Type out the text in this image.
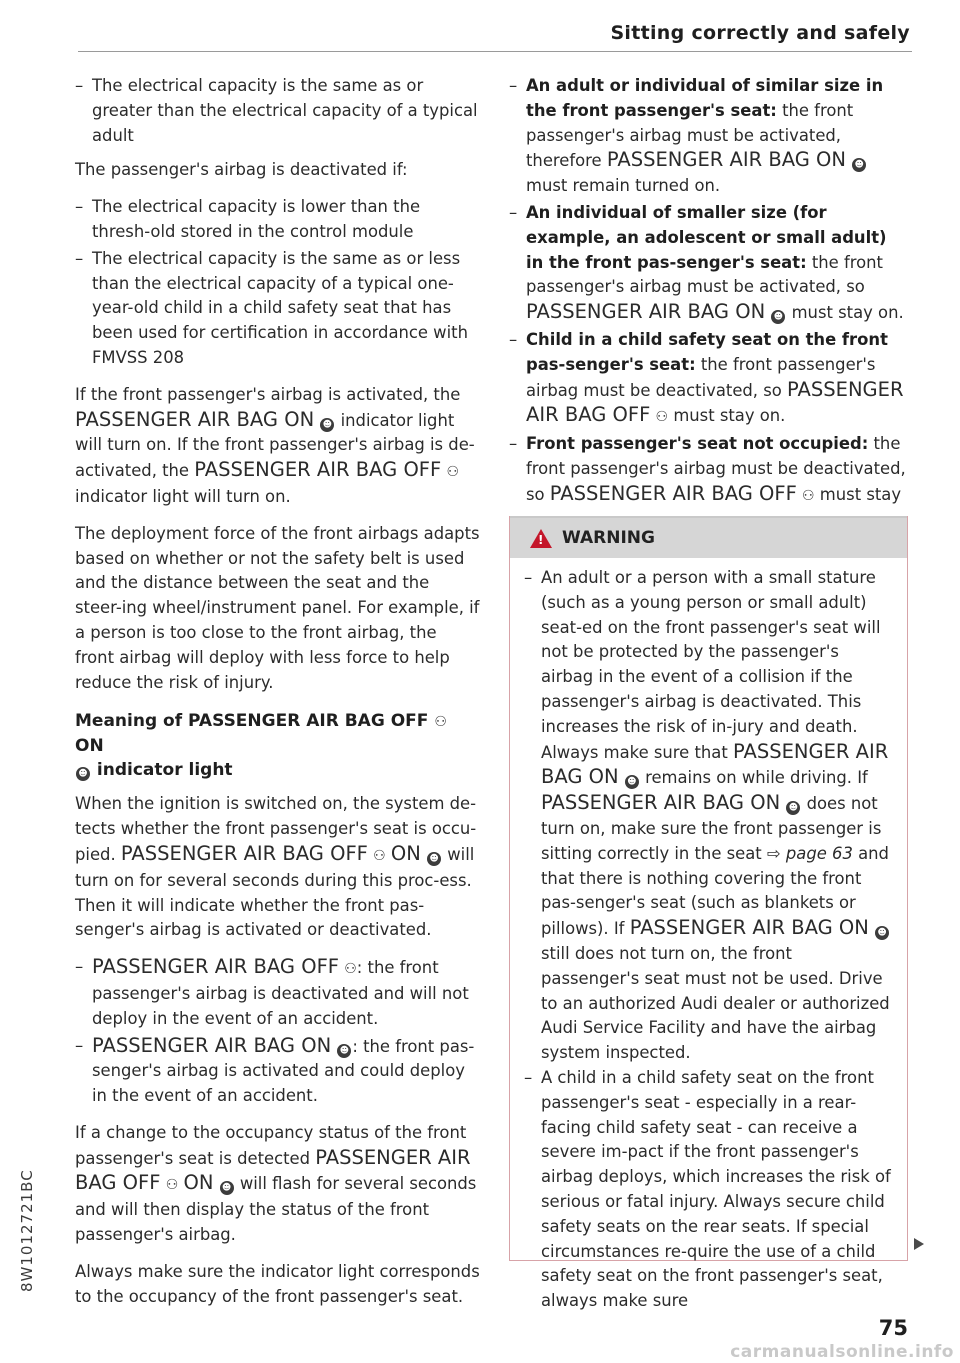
Sitting correctly and safely
8W1012721BC
– The electrical capacity is the same as or greater than the electrical capacity of a typical adult

The passenger's airbag is deactivated if:

– The electrical capacity is lower than the thresh-old stored in the control module
– The electrical capacity is the same as or less than the electrical capacity of a typical one-year-old child in a child safety seat that has been used for certification in accordance with FMVSS 208

If the front passenger's airbag is activated, the PASSENGER AIR BAG ON ☻ indicator light will turn on. If the front passenger's airbag is de-activated, the PASSENGER AIR BAG OFF ⚇ indicator light will turn on.

The deployment force of the front airbags adapts based on whether or not the safety belt is used and the distance between the seat and the steer-ing wheel/instrument panel. For example, if a person is too close to the front airbag, the front airbag will deploy with less force to help reduce the risk of injury.

Meaning of PASSENGER AIR BAG OFF ⚇ ON
☻ indicator light

When the ignition is switched on, the system de-tects whether the front passenger's seat is occu-pied. PASSENGER AIR BAG OFF ⚇ ON ☻ will turn on for several seconds during this proc-ess. Then it will indicate whether the front pas-senger's airbag is activated or deactivated.

– PASSENGER AIR BAG OFF ⚇: the front passenger's airbag is deactivated and will not deploy in the event of an accident.
– PASSENGER AIR BAG ON ☻ : the front pas-senger's airbag is activated and could deploy in the event of an accident.

If a change to the occupancy status of the front passenger's seat is detected PASSENGER AIR BAG OFF ⚇ ON ☻ will flash for several seconds and will then display the status of the front passenger's airbag.

Always make sure the indicator light corresponds to the occupancy of the front passenger's seat.

– An adult or individual of similar size in the front passenger's seat: the front passenger's airbag must be activated, therefore PASSENGER AIR BAG ON ☻ must remain turned on.
– An individual of smaller size (for example, an adolescent or small adult) in the front pas-senger's seat: the front passenger's airbag must be activated, so PASSENGER AIR BAG ON ☻ must stay on.
– Child in a child safety seat on the front pas-senger's seat: the front passenger's airbag must be deactivated, so PASSENGER AIR BAG OFF ⚇ must stay on.
– Front passenger's seat not occupied: the front passenger's airbag must be deactivated, so PASSENGER AIR BAG OFF ⚇ must stay
! WARNING
– An adult or a person with a small stature (such as a young person or small adult) seat-ed on the front passenger's seat will not be protected by the passenger's airbag in the event of a collision if the passenger's airbag is deactivated. This increases the risk of in-jury and death. Always make sure that PASSENGER AIR BAG ON ☻ remains on while driving. If PASSENGER AIR BAG ON ☻ does not turn on, make sure the front passenger is sitting correctly in the seat ⇨ page 63 and that there is nothing covering the front pas-senger's seat (such as blankets or pillows). If PASSENGER AIR BAG ON ☻ still does not turn on, the front passenger's seat must not be used. Drive to an authorized Audi dealer or authorized Audi Service Facility and have the airbag system inspected.
– A child in a child safety seat on the front passenger's seat - especially in a rear-facing child safety seat - can receive a severe im-pact if the front passenger's airbag deploys, which increases the risk of serious or fatal injury. Always secure child safety seats on the rear seats. If special circumstances re-quire the use of a child safety seat on the front passenger's seat, always make sure
75
carmanualsonline.info
